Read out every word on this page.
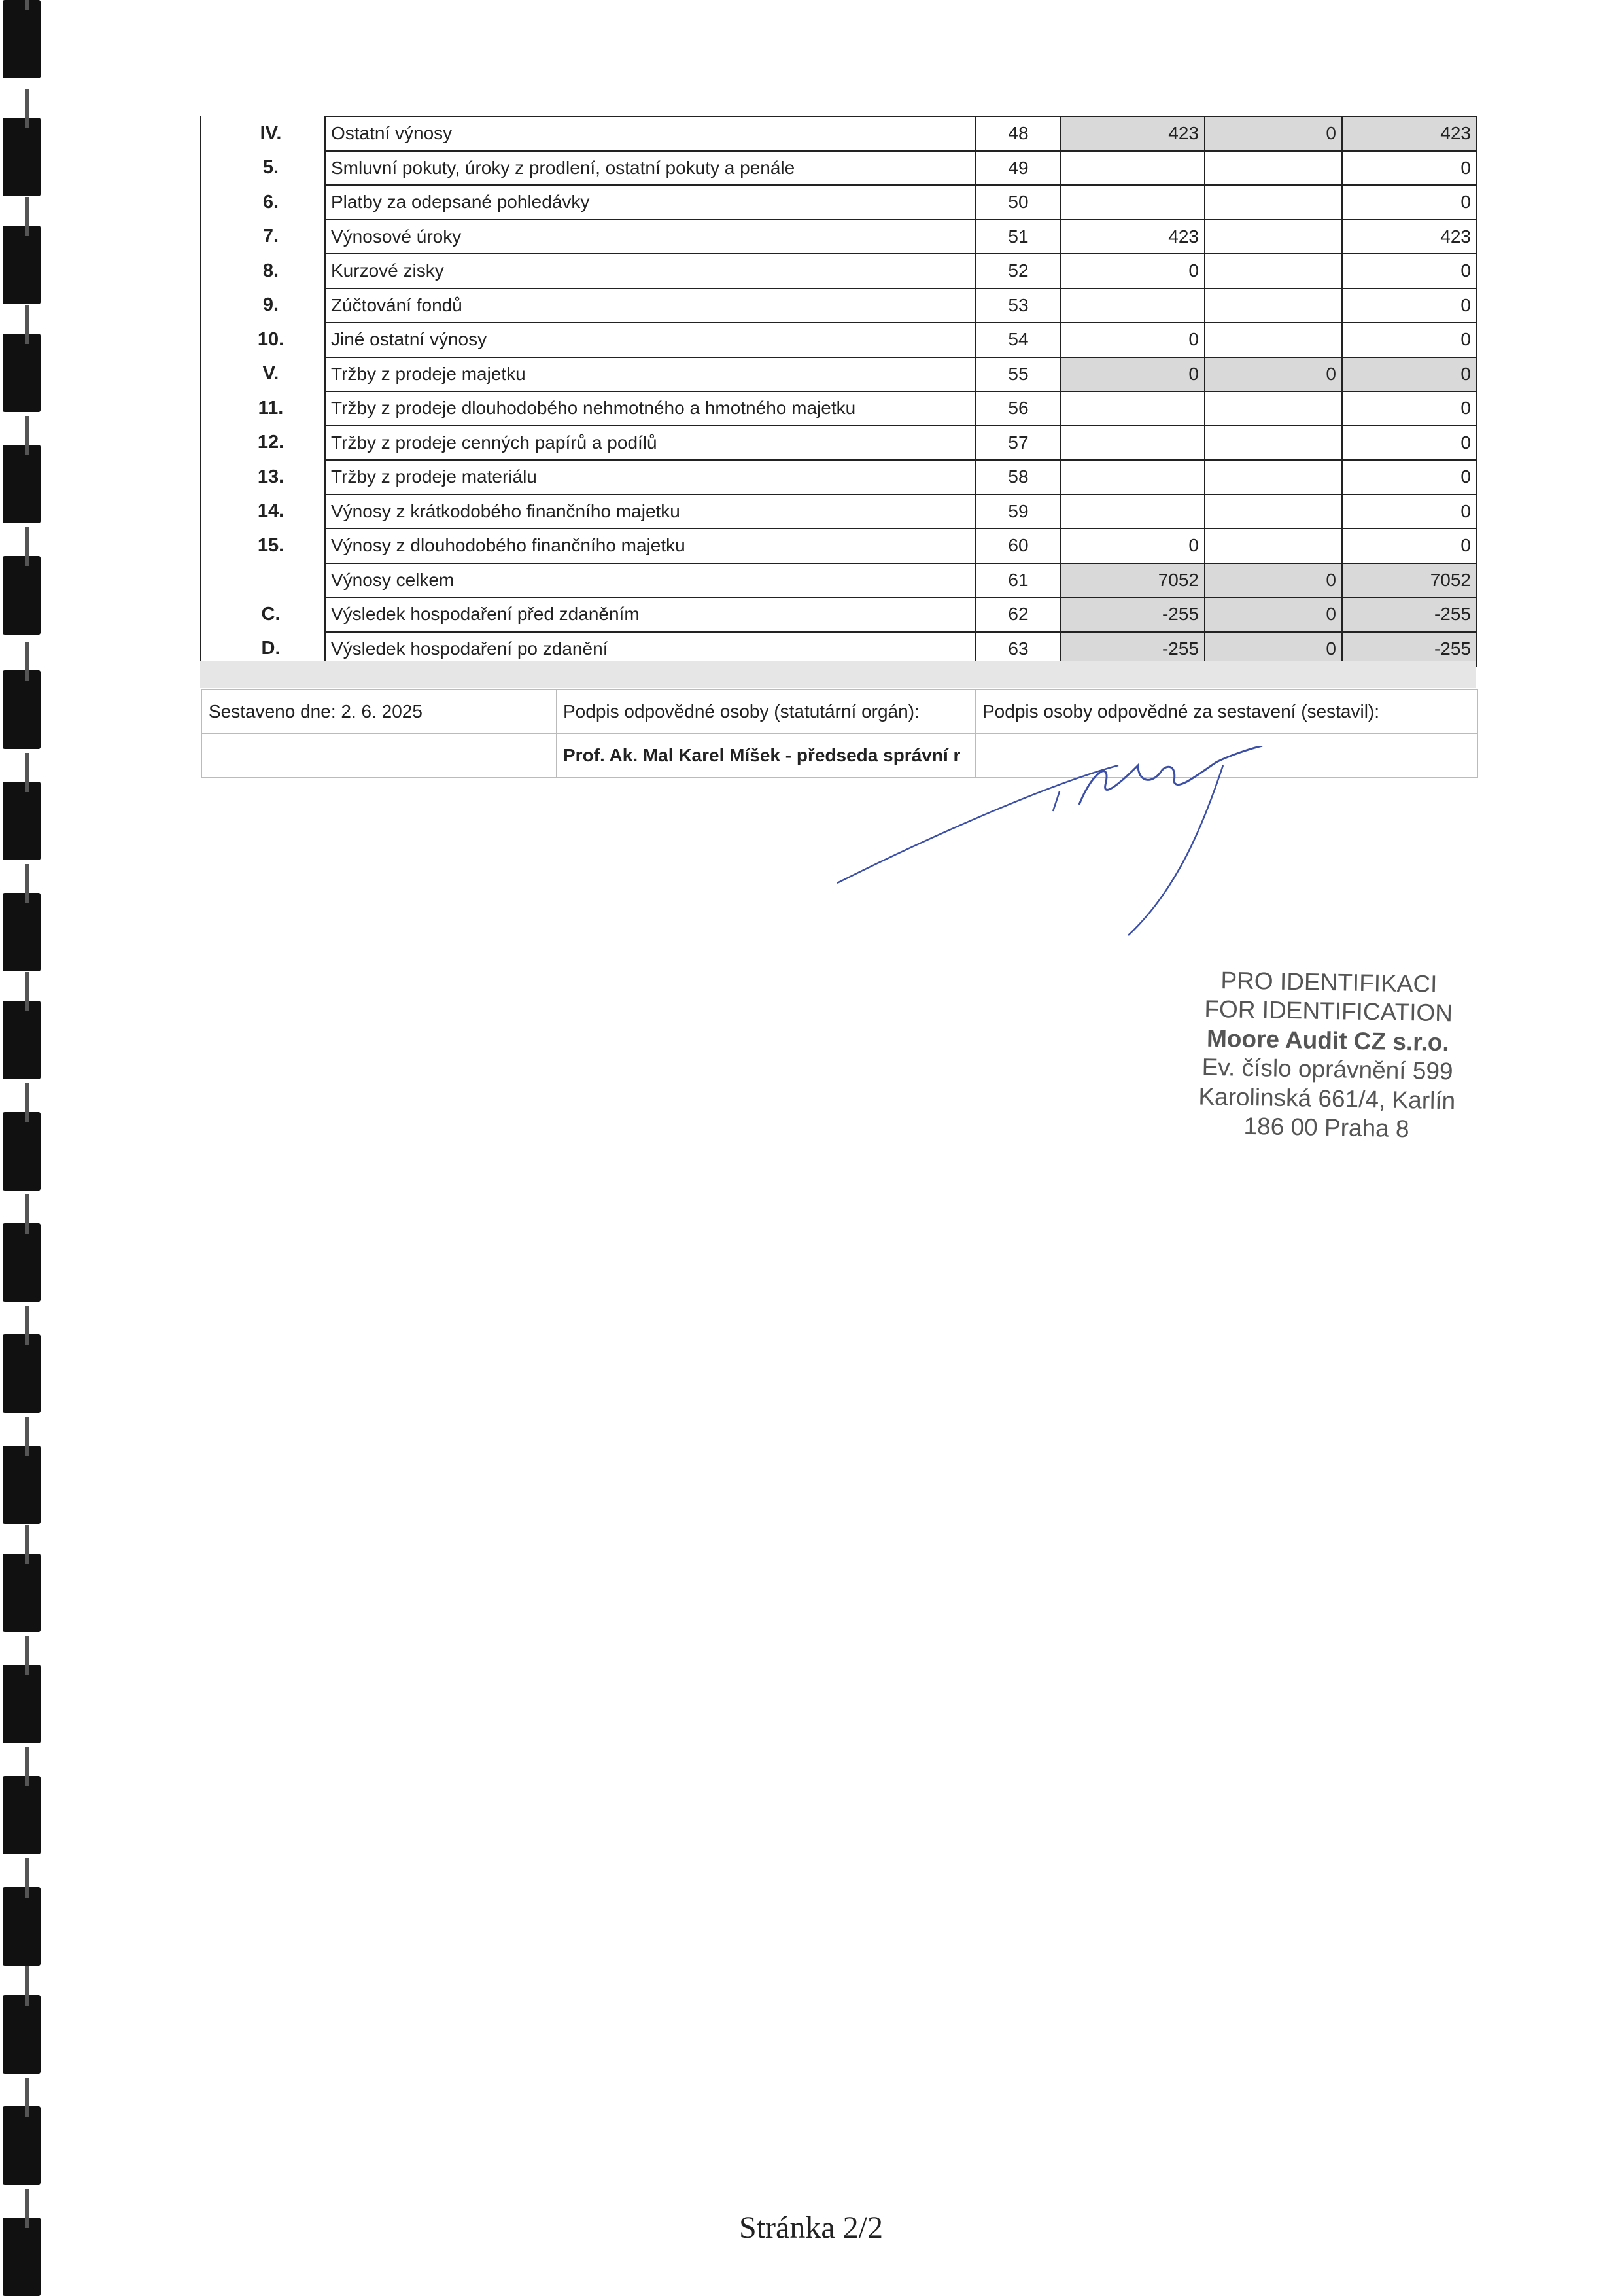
IV.	Ostatní výnosy	48	423	0	423
5.	Smluvní pokuty, úroky z prodlení, ostatní pokuty a penále	49			0
6.	Platby za odepsané pohledávky	50			0
7.	Výnosové úroky	51	423		423
8.	Kurzové zisky	52	0		0
9.	Zúčtování fondů	53			0
10.	Jiné ostatní výnosy	54	0		0
V.	Tržby z prodeje majetku	55	0	0	0
11.	Tržby z prodeje dlouhodobého nehmotného a hmotného majetku	56			0
12.	Tržby z prodeje cenných papírů a podílů	57			0
13.	Tržby z prodeje materiálu	58			0
14.	Výnosy z krátkodobého finančního majetku	59			0
15.	Výnosy z dlouhodobého finančního majetku	60	0		0
	Výnosy celkem	61	7052	0	7052
C.	Výsledek hospodaření před zdaněním	62	-255	0	-255
D.	Výsledek hospodaření po zdanění	63	-255	0	-255
Sestaveno dne: 2. 6. 2025	Podpis odpovědné osoby (statutární orgán):	Podpis osoby odpovědné za sestavení (sestavil):
	Prof. Ak. Mal Karel Míšek - předseda správní r	
PRO IDENTIFIKACI
FOR IDENTIFICATION
Moore Audit CZ s.r.o.
Ev. číslo oprávnění 599
Karolinská 661/4, Karlín
186 00 Praha 8
Stránka 2/2
